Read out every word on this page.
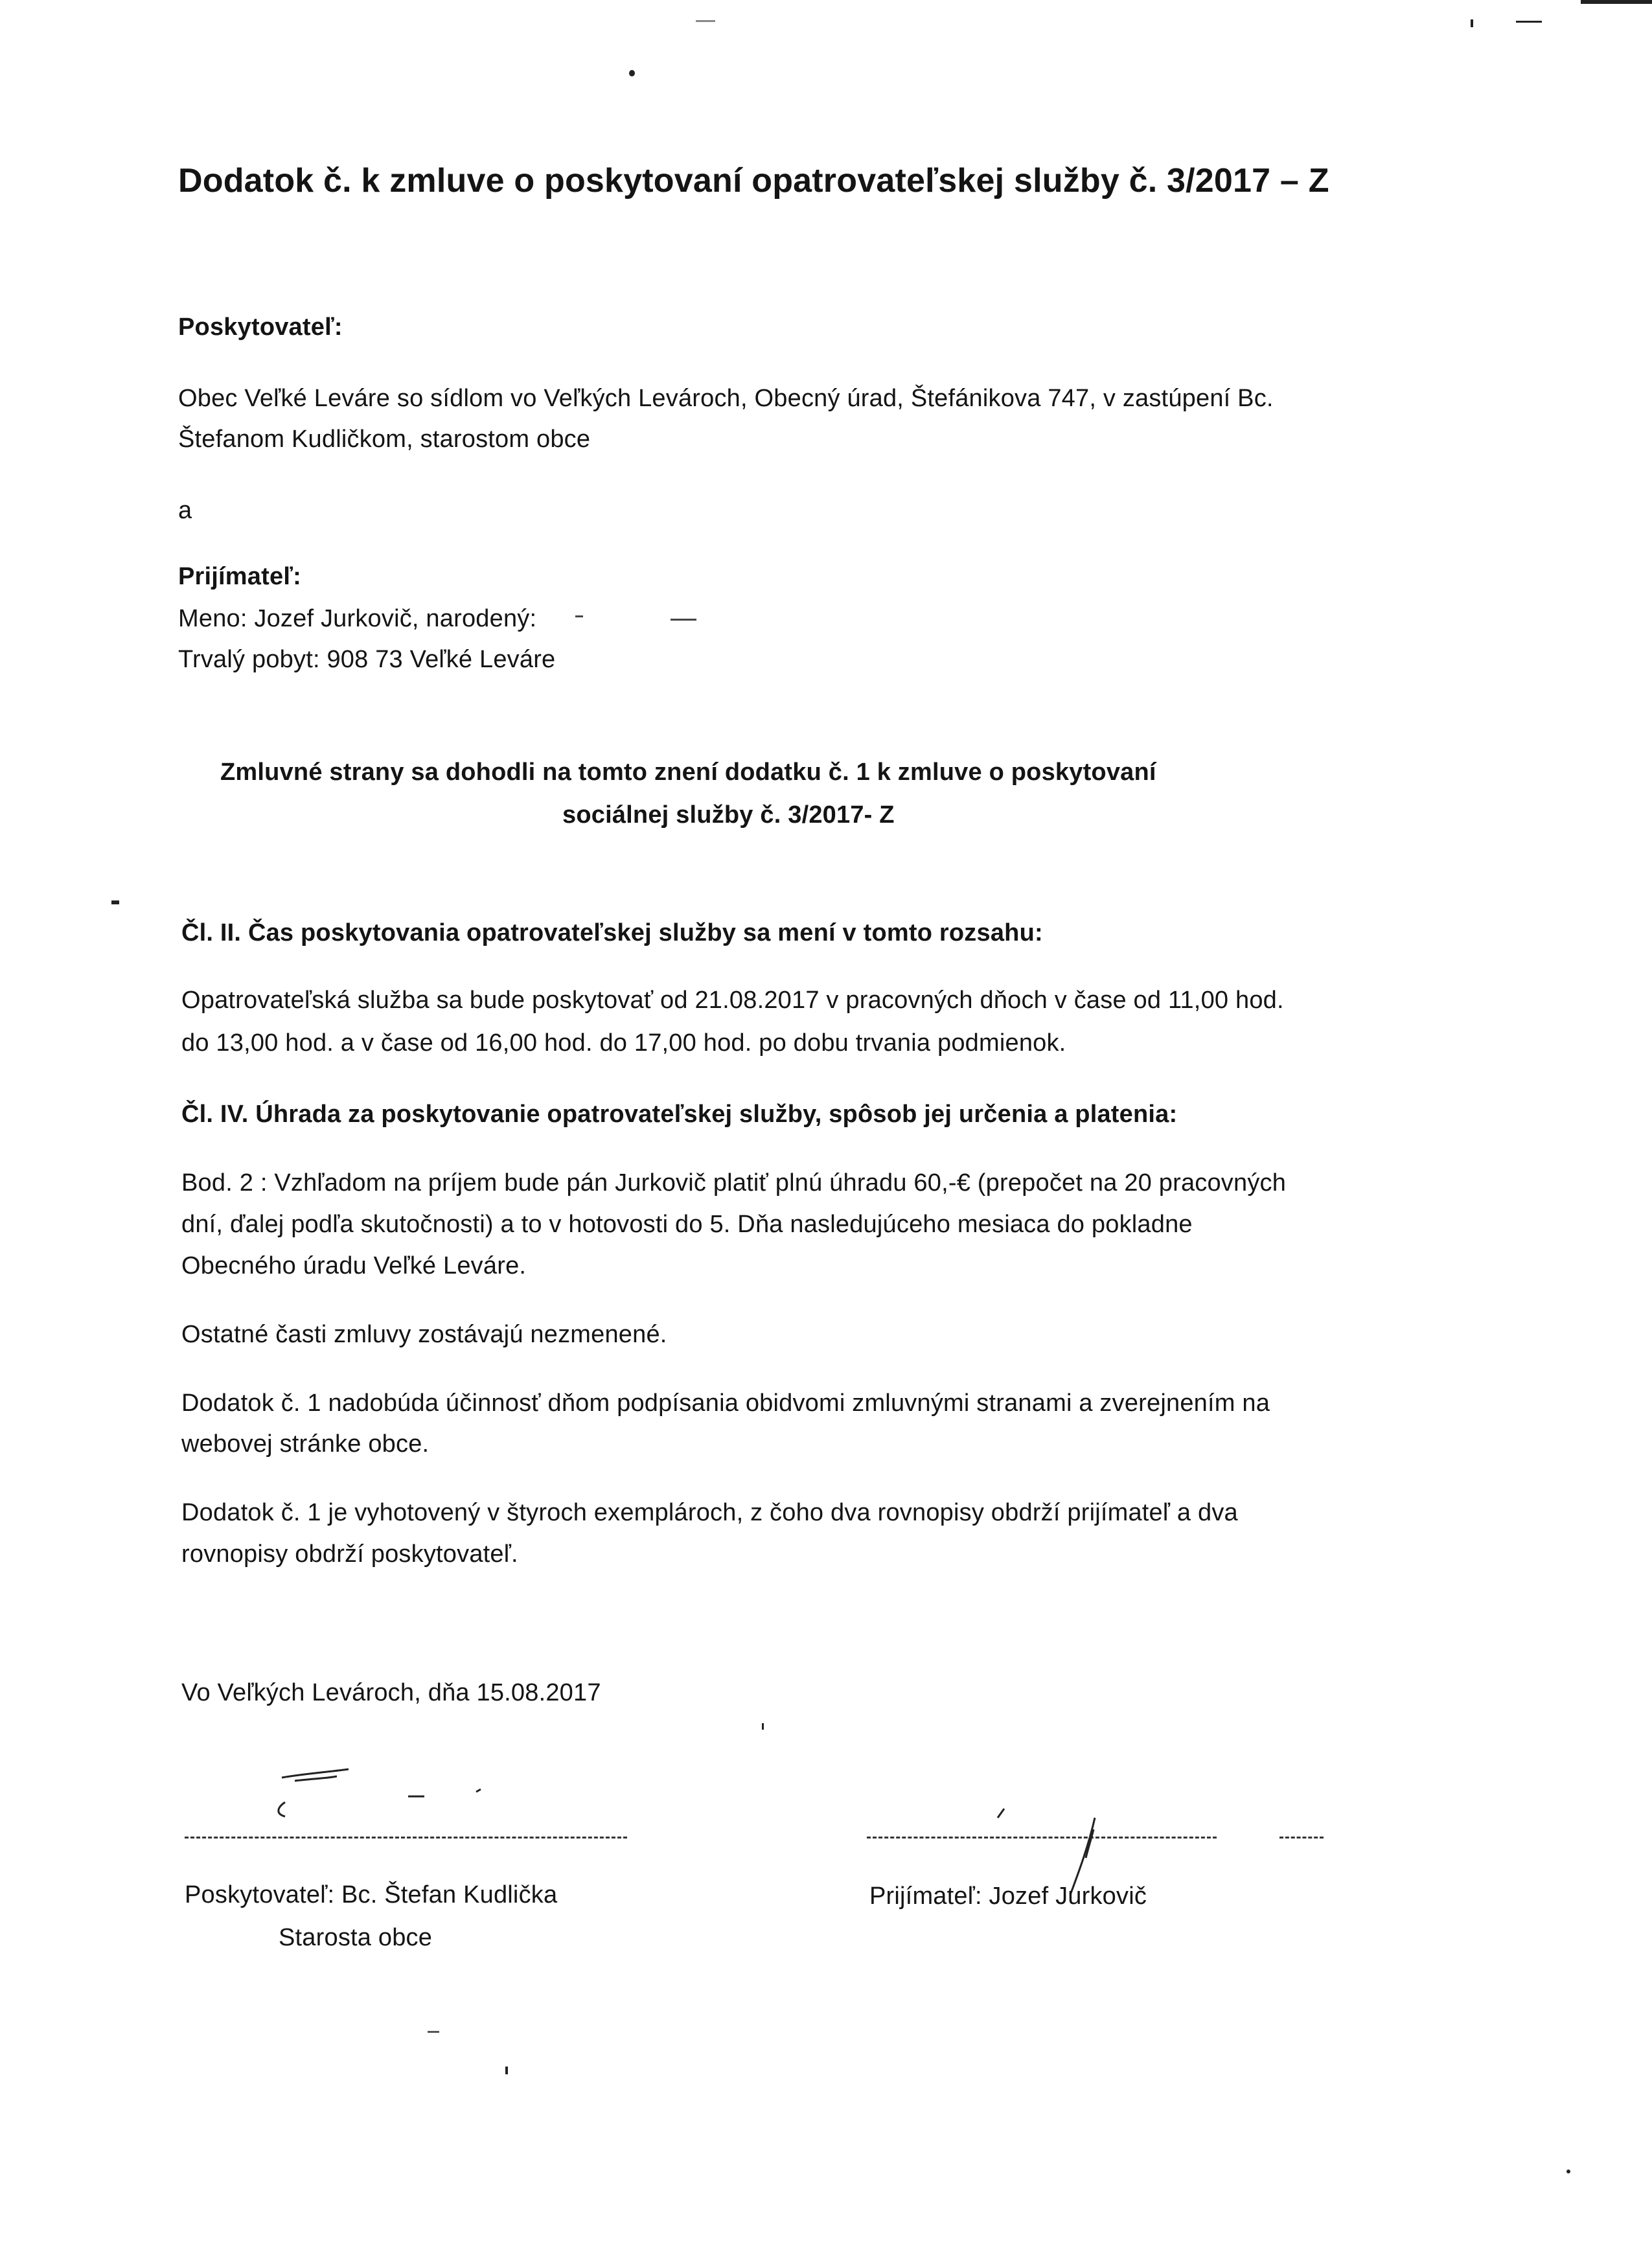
Dodatok č. k zmluve o poskytovaní opatrovateľskej služby č. 3/2017 – Z
Poskytovateľ:
Obec Veľké Leváre so sídlom vo Veľkých Levároch, Obecný úrad, Štefánikova 747, v zastúpení Bc.
Štefanom Kudličkom, starostom obce
a
Prijímateľ:
Meno: Jozef Jurkovič, narodený:
Trvalý pobyt: 908 73 Veľké Leváre
Zmluvné strany sa dohodli na tomto znení dodatku č. 1 k zmluve o poskytovaní
sociálnej služby č. 3/2017- Z
Čl. II. Čas poskytovania opatrovateľskej služby sa mení v tomto rozsahu:
Opatrovateľská služba sa bude poskytovať od 21.08.2017 v pracovných dňoch v čase od 11,00 hod.
do 13,00 hod. a v čase od 16,00 hod. do 17,00 hod. po dobu trvania podmienok.
Čl. IV. Úhrada za poskytovanie opatrovateľskej služby, spôsob jej určenia a platenia:
Bod. 2 : Vzhľadom na príjem bude pán Jurkovič platiť plnú úhradu 60,-€ (prepočet na 20 pracovných
dní, ďalej podľa skutočnosti) a to v hotovosti do 5. Dňa nasledujúceho mesiaca do pokladne
Obecného úradu Veľké Leváre.
Ostatné časti zmluvy zostávajú nezmenené.
Dodatok č. 1 nadobúda účinnosť dňom podpísania obidvomi zmluvnými stranami a zverejnením na
webovej stránke obce.
Dodatok č. 1 je vyhotovený v štyroch exemplároch, z čoho dva rovnopisy obdrží prijímateľ a dva
rovnopisy obdrží poskytovateľ.
Vo Veľkých Levároch, dňa 15.08.2017
Poskytovateľ: Bc. Štefan Kudlička
Starosta obce
Prijímateľ: Jozef Jurkovič
